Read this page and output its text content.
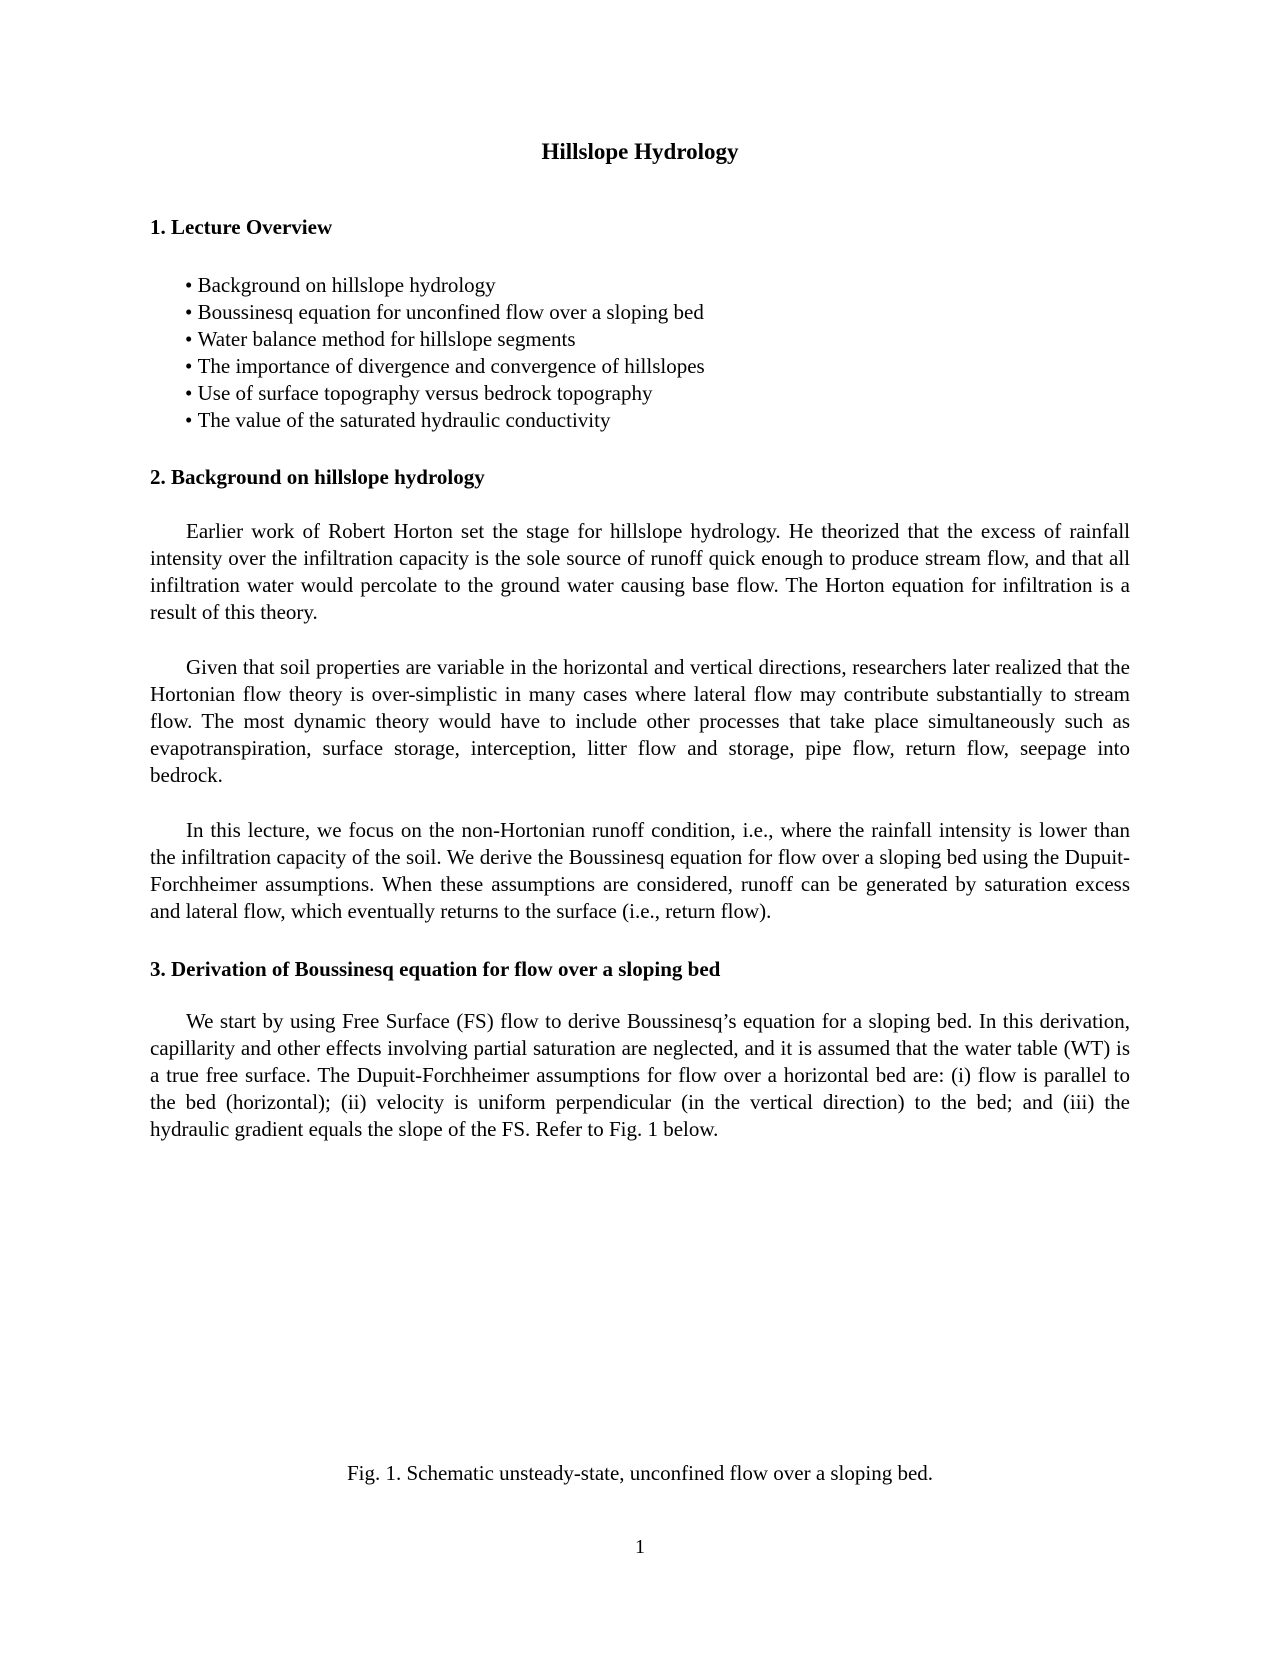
Hillslope Hydrology
1. Lecture Overview
• Background on hillslope hydrology
• Boussinesq equation for unconfined flow over a sloping bed
• Water balance method for hillslope segments
• The importance of divergence and convergence of hillslopes
• Use of surface topography versus bedrock topography
• The value of the saturated hydraulic conductivity
2. Background on hillslope hydrology

Earlier work of Robert Horton set the stage for hillslope hydrology. He theorized that the excess of rainfall intensity over the infiltration capacity is the sole source of runoff quick enough to produce stream flow, and that all infiltration water would percolate to the ground water causing base flow. The Horton equation for infiltration is a result of this theory.

Given that soil properties are variable in the horizontal and vertical directions, researchers later realized that the Hortonian flow theory is over-simplistic in many cases where lateral flow may contribute substantially to stream flow. The most dynamic theory would have to include other processes that take place simultaneously such as evapotranspiration, surface storage, interception, litter flow and storage, pipe flow, return flow, seepage into bedrock.

In this lecture, we focus on the non-Hortonian runoff condition, i.e., where the rainfall intensity is lower than the infiltration capacity of the soil. We derive the Boussinesq equation for flow over a sloping bed using the Dupuit-Forchheimer assumptions. When these assumptions are considered, runoff can be generated by saturation excess and lateral flow, which eventually returns to the surface (i.e., return flow).

3. Derivation of Boussinesq equation for flow over a sloping bed

We start by using Free Surface (FS) flow to derive Boussinesq’s equation for a sloping bed. In this derivation, capillarity and other effects involving partial saturation are neglected, and it is assumed that the water table (WT) is a true free surface. The Dupuit-Forchheimer assumptions for flow over a horizontal bed are: (i) flow is parallel to the bed (horizontal); (ii) velocity is uniform perpendicular (in the vertical direction) to the bed; and (iii) the hydraulic gradient equals the slope of the FS. Refer to Fig. 1 below.

Fig. 1. Schematic unsteady-state, unconfined flow over a sloping bed.
1
